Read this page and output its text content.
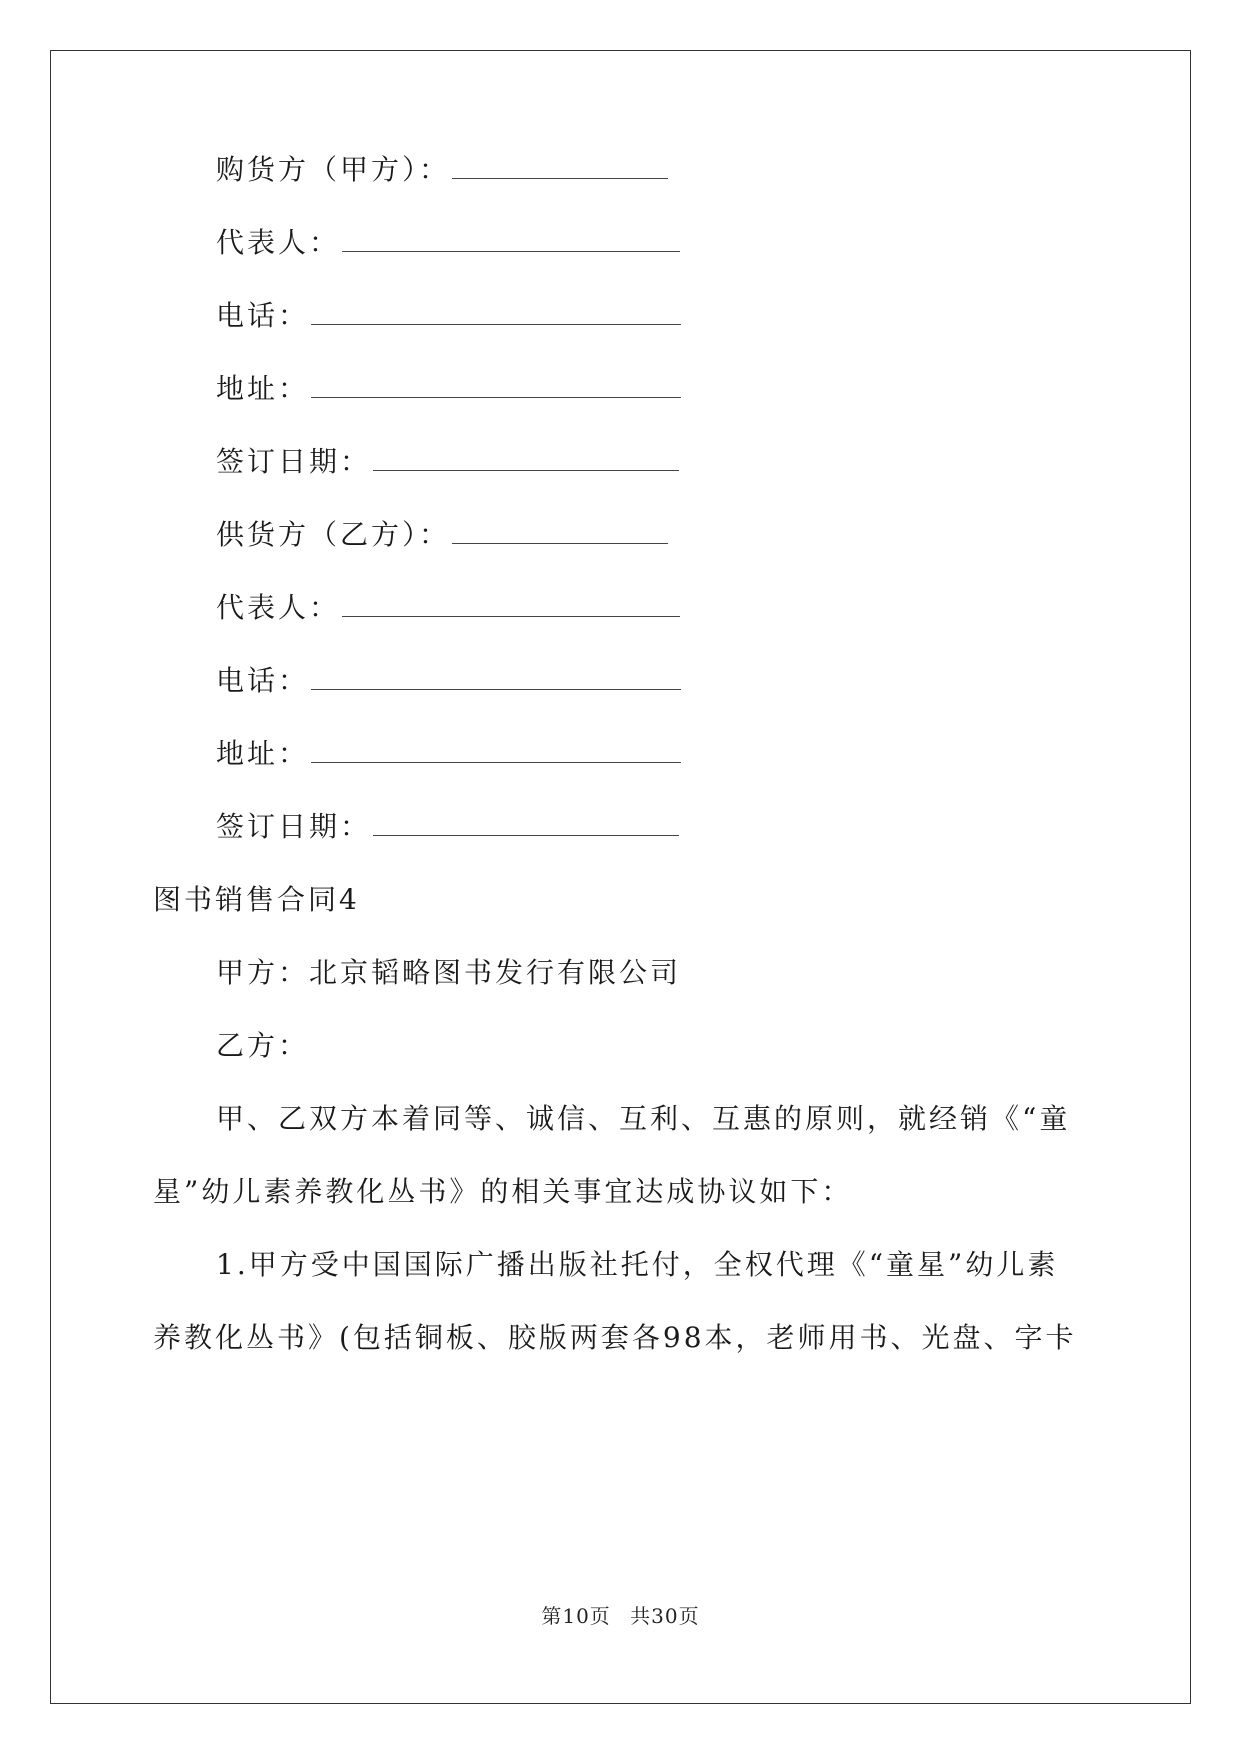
购货方（甲方）：
代表人：
电话：
地址：
签订日期：
供货方（乙方）：
代表人：
电话：
地址：
签订日期：
图书销售合同4
甲方：北京韬略图书发行有限公司
乙方：
甲、乙双方本着同等、诚信、互利、互惠的原则，就经销《“童
星”幼儿素养教化丛书》的相关事宜达成协议如下：
1.甲方受中国国际广播出版社托付，全权代理《“童星”幼儿素
养教化丛书》(包括铜板、胶版两套各98本，老师用书、光盘、字卡
第10页 共30页
